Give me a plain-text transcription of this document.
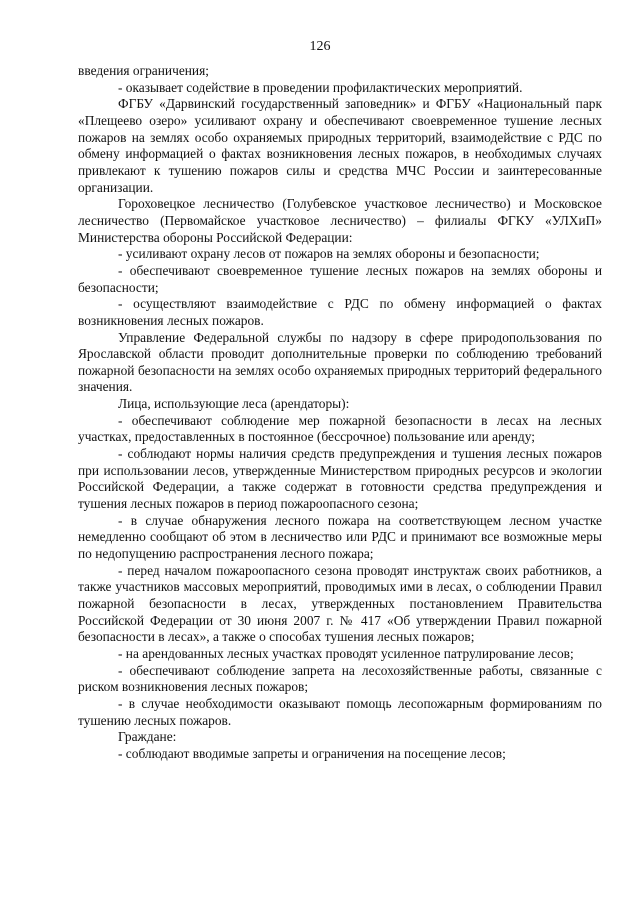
126

введения ограничения;

- оказывает содействие в проведении профилактических мероприятий.

ФГБУ «Дарвинский государственный заповедник» и ФГБУ «Национальный парк «Плещеево озеро» усиливают охрану и обеспечивают своевременное тушение лесных пожаров на землях особо охраняемых природных территорий, взаимодействие с РДС по обмену информацией о фактах возникновения лесных пожаров, в необходимых случаях привлекают к тушению пожаров силы и средства МЧС России и заинтересованные организации.

Гороховецкое лесничество (Голубевское участковое лесничество) и Московское лесничество (Первомайское участковое лесничество) – филиалы ФГКУ «УЛХиП» Министерства обороны Российской Федерации:

- усиливают охрану лесов от пожаров на землях обороны и безопасности;

- обеспечивают своевременное тушение лесных пожаров на землях обороны и безопасности;

- осуществляют взаимодействие с РДС по обмену информацией о фактах возникновения лесных пожаров.

Управление Федеральной службы по надзору в сфере природопользования по Ярославской области проводит дополнительные проверки по соблюдению требований пожарной безопасности на землях особо охраняемых природных территорий федерального значения.

Лица, использующие леса (арендаторы):

- обеспечивают соблюдение мер пожарной безопасности в лесах на лесных участках, предоставленных в постоянное (бессрочное) пользование или аренду;

- соблюдают нормы наличия средств предупреждения и тушения лесных пожаров при использовании лесов, утвержденные Министерством природных ресурсов и экологии Российской Федерации, а также содержат в готовности средства предупреждения и тушения лесных пожаров в период пожароопасного сезона;

- в случае обнаружения лесного пожара на соответствующем лесном участке немедленно сообщают об этом в лесничество или РДС и принимают все возможные меры по недопущению распространения лесного пожара;

- перед началом пожароопасного сезона проводят инструктаж своих работников, а также участников массовых мероприятий, проводимых ими в лесах, о соблюдении Правил пожарной безопасности в лесах, утвержденных постановлением Правительства Российской Федерации от 30 июня 2007 г. № 417 «Об утверждении Правил пожарной безопасности в лесах», а также о способах тушения лесных пожаров;

- на арендованных лесных участках проводят усиленное патрулирование лесов;

- обеспечивают соблюдение запрета на лесохозяйственные работы, связанные с риском возникновения лесных пожаров;

- в случае необходимости оказывают помощь лесопожарным формированиям по тушению лесных пожаров.

Граждане:

- соблюдают вводимые запреты и ограничения на посещение лесов;
